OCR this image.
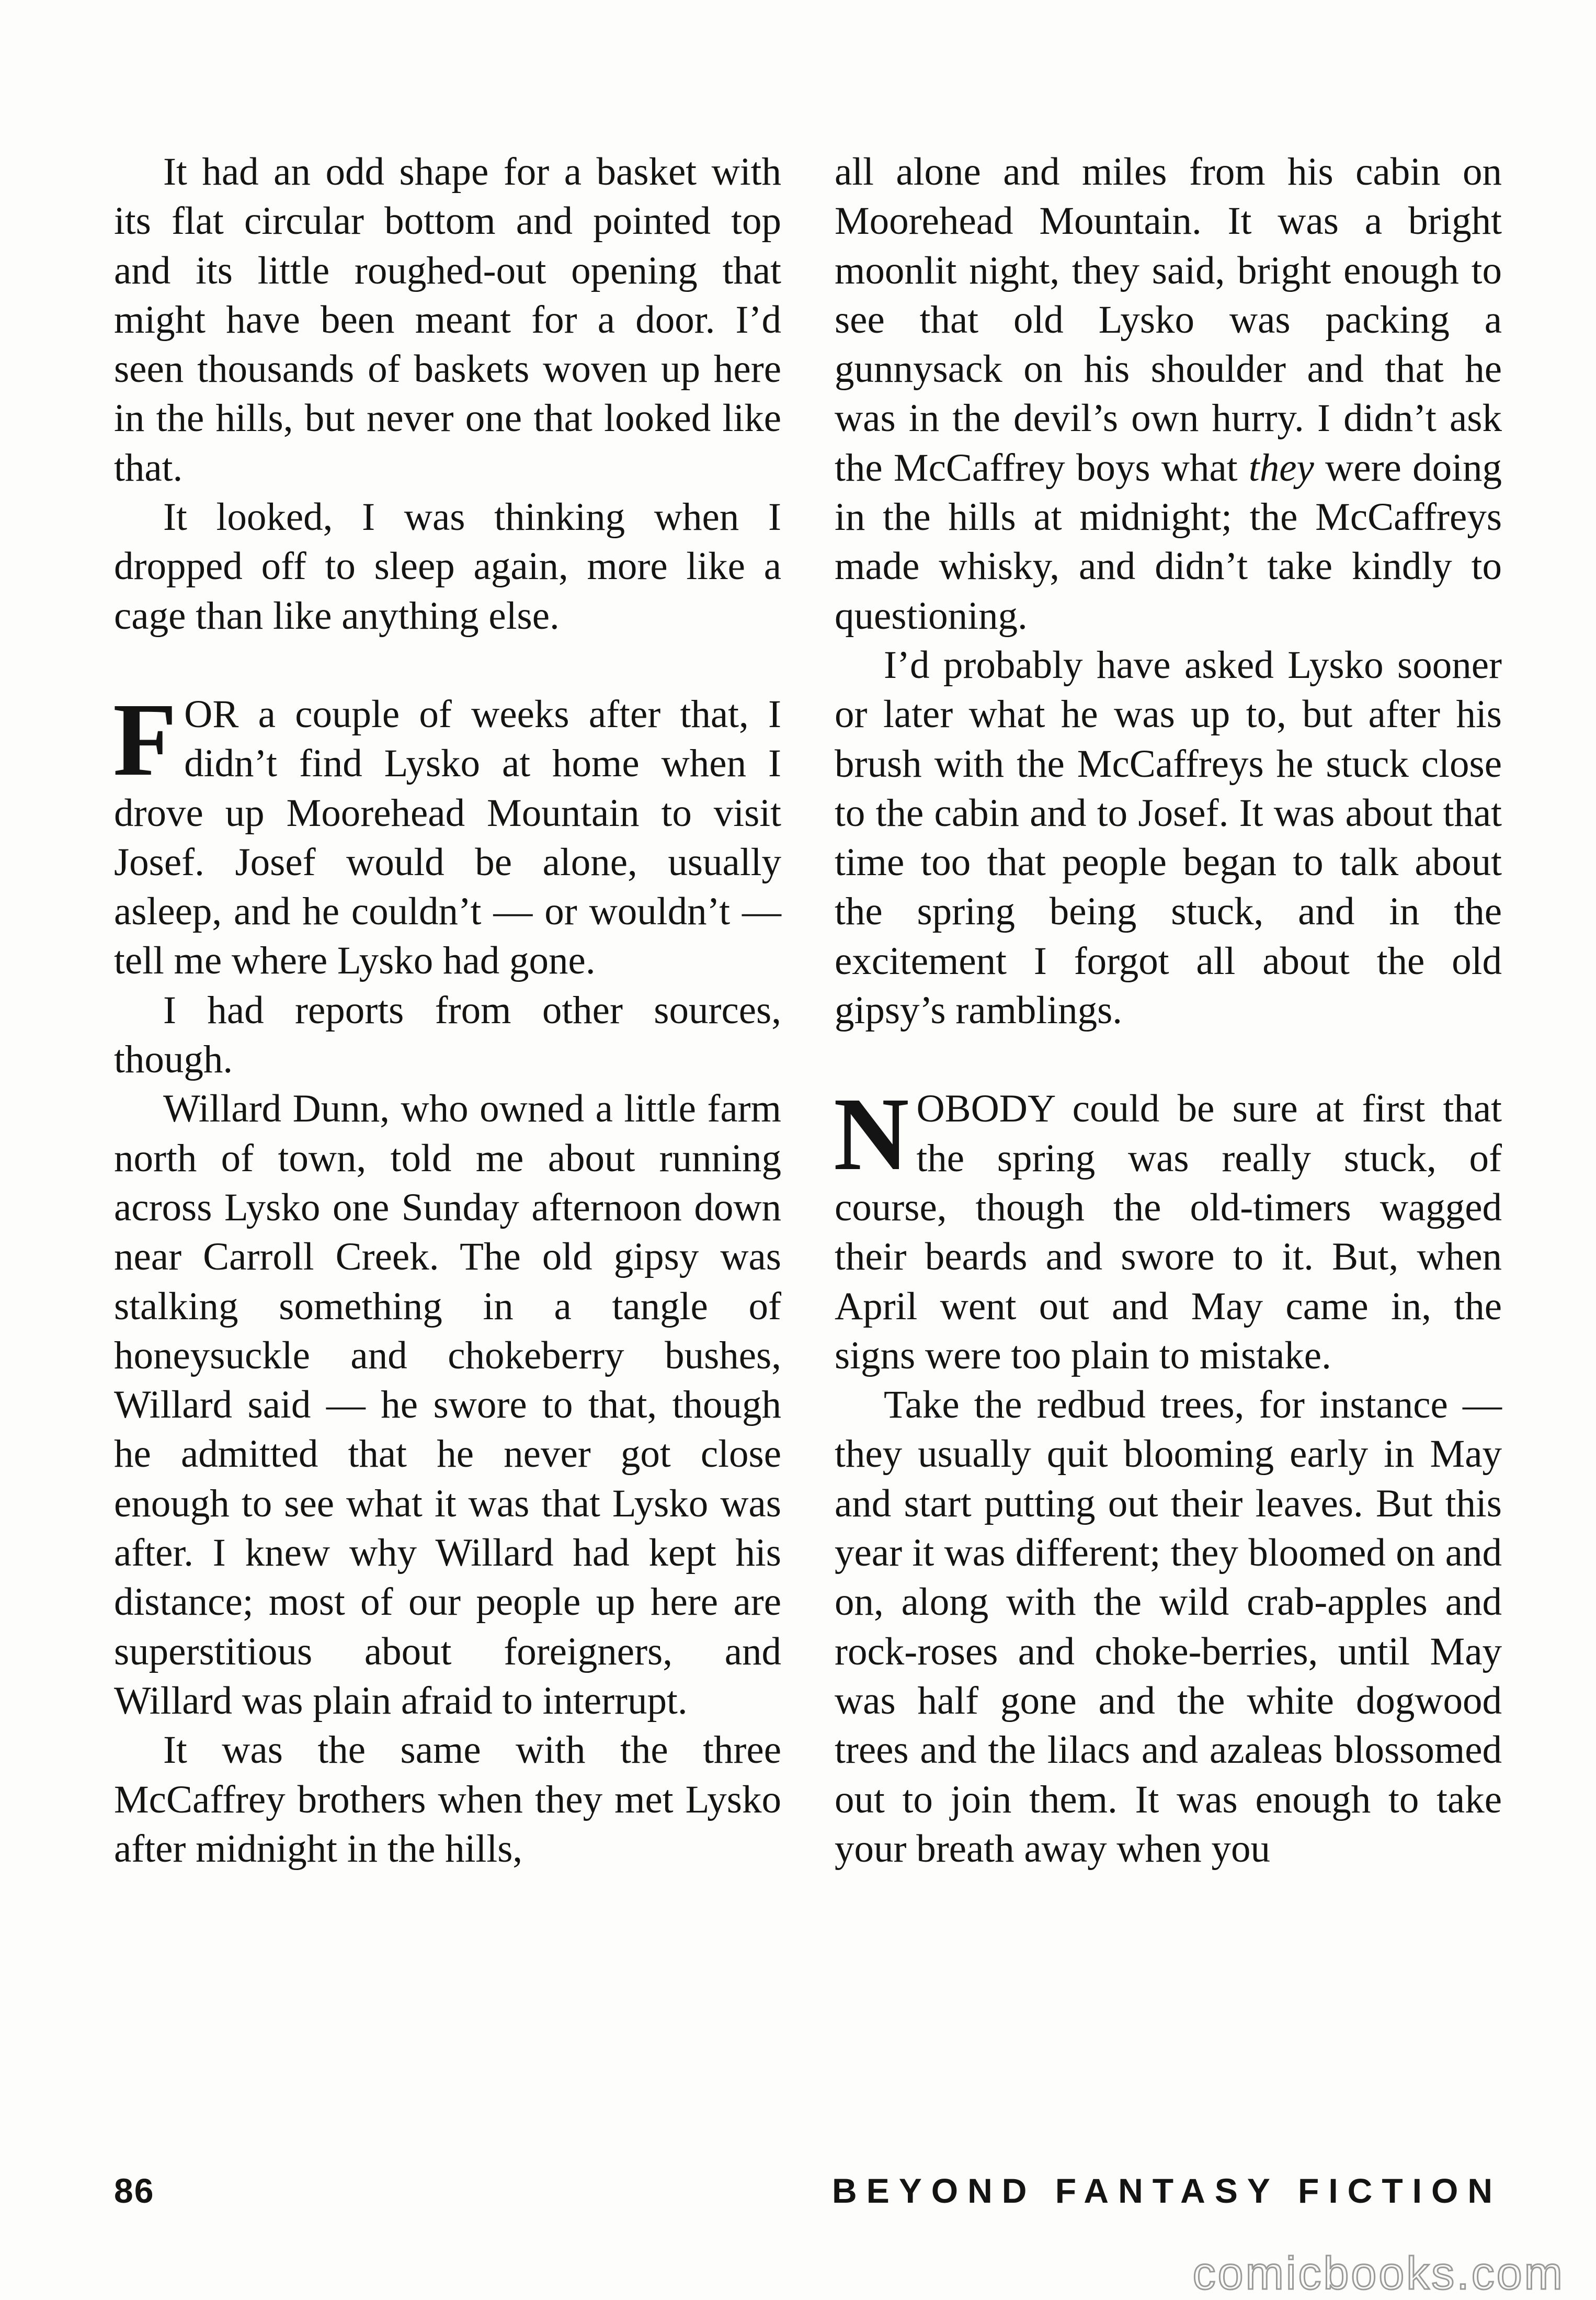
It had an odd shape for a basket with its flat circular bottom and pointed top and its little roughed-out opening that might have been meant for a door. I’d seen thousands of baskets woven up here in the hills, but never one that looked like that.

It looked, I was thinking when I dropped off to sleep again, more like a cage than like anything else.

FOR a couple of weeks after that, I didn’t find Lysko at home when I drove up Moorehead Mountain to visit Josef. Josef would be alone, usually asleep, and he couldn’t — or wouldn’t — tell me where Lysko had gone.

I had reports from other sources, though.

Willard Dunn, who owned a little farm north of town, told me about running across Lysko one Sunday afternoon down near Carroll Creek. The old gipsy was stalking something in a tangle of honeysuckle and chokeberry bushes, Willard said — he swore to that, though he admitted that he never got close enough to see what it was that Lysko was after. I knew why Willard had kept his distance; most of our people up here are superstitious about foreigners, and Willard was plain afraid to interrupt.

It was the same with the three McCaffrey brothers when they met Lysko after midnight in the hills,

all alone and miles from his cabin on Moorehead Mountain. It was a bright moonlit night, they said, bright enough to see that old Lysko was packing a gunnysack on his shoulder and that he was in the devil’s own hurry. I didn’t ask the McCaffrey boys what they were doing in the hills at midnight; the McCaffreys made whisky, and didn’t take kindly to questioning.

I’d probably have asked Lysko sooner or later what he was up to, but after his brush with the McCaffreys he stuck close to the cabin and to Josef. It was about that time too that people began to talk about the spring being stuck, and in the excitement I forgot all about the old gipsy’s ramblings.

NOBODY could be sure at first that the spring was really stuck, of course, though the old-timers wagged their beards and swore to it. But, when April went out and May came in, the signs were too plain to mistake.

Take the redbud trees, for instance — they usually quit blooming early in May and start putting out their leaves. But this year it was different; they bloomed on and on, along with the wild crab-apples and rock-roses and choke-berries, until May was half gone and the white dogwood trees and the lilacs and azaleas blossomed out to join them. It was enough to take your breath away when you

86	BEYOND FANTASY FICTION
comicbooks.com
